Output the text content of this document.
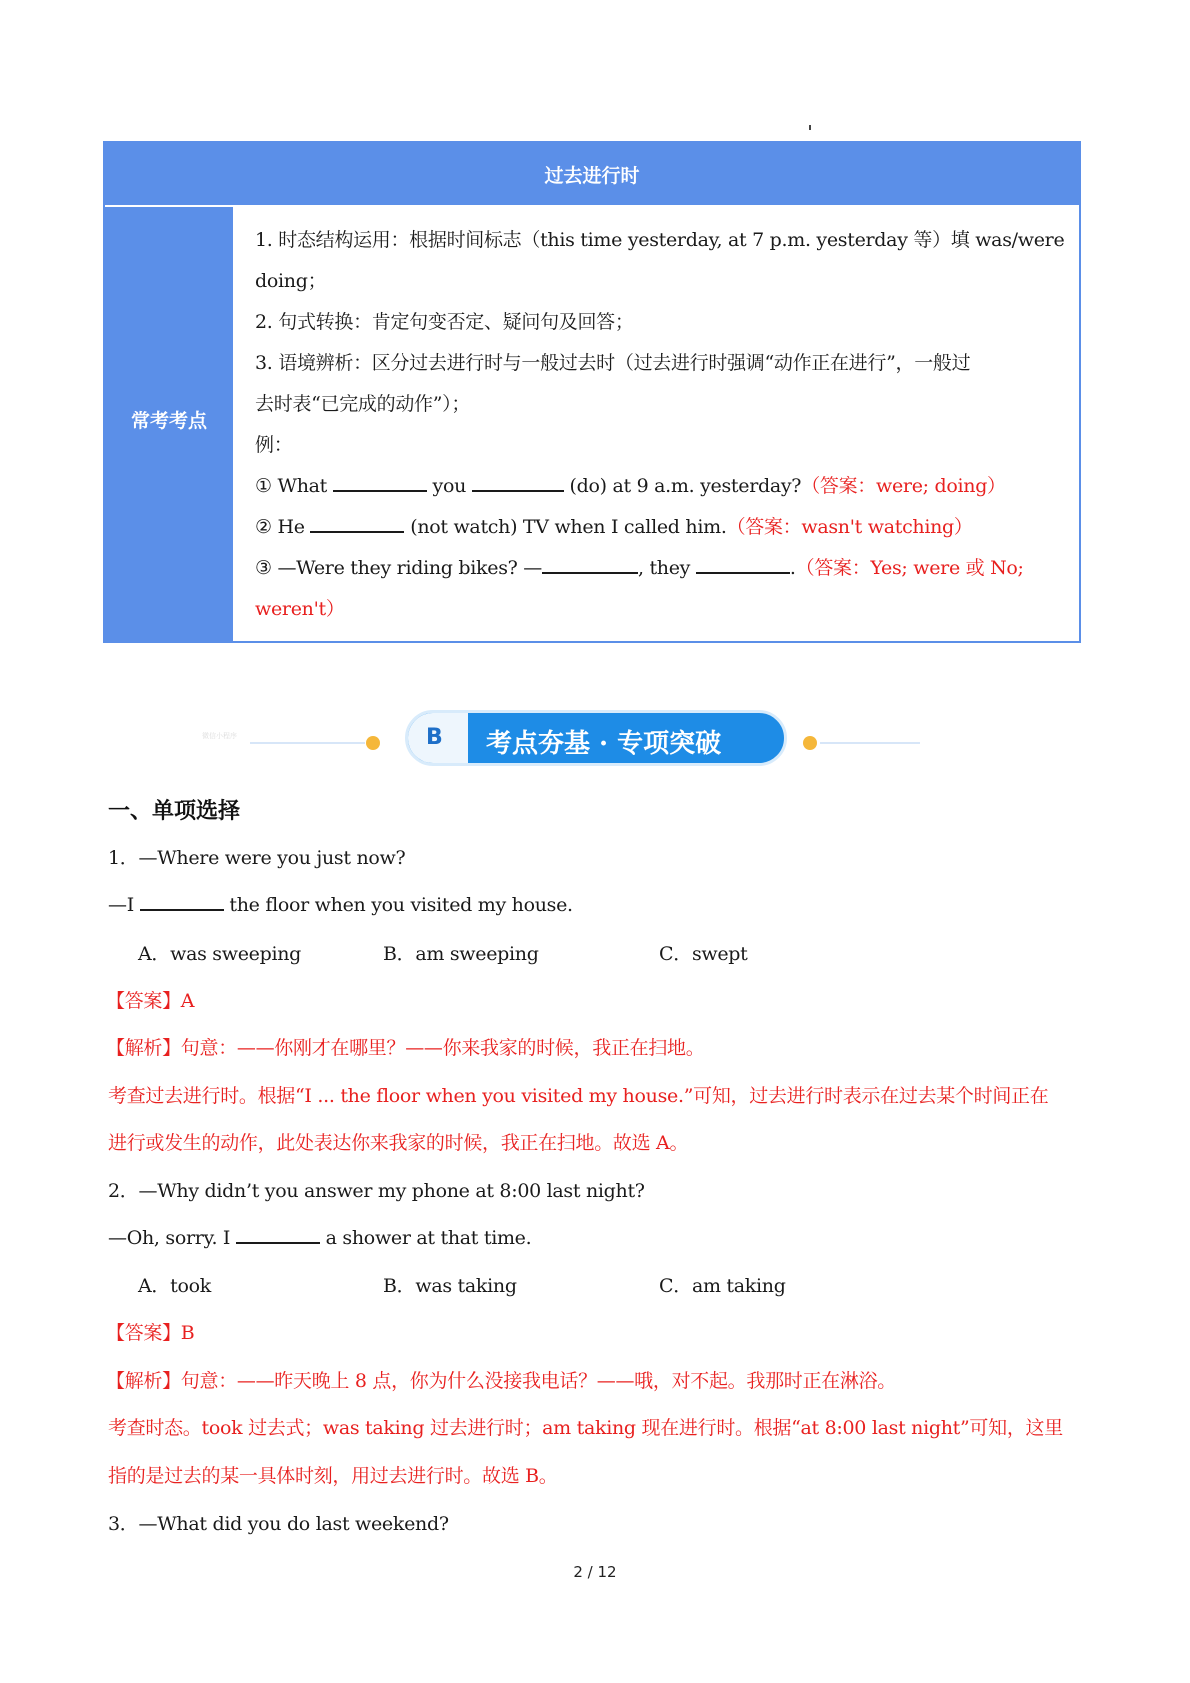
过去进行时
常考考点
1. 时态结构运用：根据时间标志（this time yesterday, at 7 p.m. yesterday 等）填 was/were
doing；
2. 句式转换：肯定句变否定、疑问句及回答；
3. 语境辨析：区分过去进行时与一般过去时（过去进行时强调“动作正在进行”，一般过
去时表“已完成的动作”）；
例：
① What	you	(do) at 9 a.m. yesterday?（答案：were; doing）
② He	(not watch) TV when I called him.（答案：wasn't watching）
③ —Were they riding bikes? —	, they	.（答案：Yes; were 或 No;
weren't）
微信小程序	B 考点夯基 · 专项突破
一、单项选择
1．—Where were you just now?
—I	the floor when you visited my house.
A．was sweeping	B．am sweeping	C．swept
【答案】A
【解析】句意：——你刚才在哪里？——你来我家的时候，我正在扫地。
考查过去进行时。根据“I ... the floor when you visited my house.”可知，过去进行时表示在过去某个时间正在
进行或发生的动作，此处表达你来我家的时候，我正在扫地。故选 A。
2．—Why didn’t you answer my phone at 8:00 last night?
—Oh, sorry. I	a shower at that time.
A．took	B．was taking	C．am taking
【答案】B
【解析】句意：——昨天晚上 8 点，你为什么没接我电话？——哦，对不起。我那时正在淋浴。
考查时态。took 过去式；was taking 过去进行时；am taking 现在进行时。根据“at 8:00 last night”可知，这里
指的是过去的某一具体时刻，用过去进行时。故选 B。
3．—What did you do last weekend?
2 / 12
